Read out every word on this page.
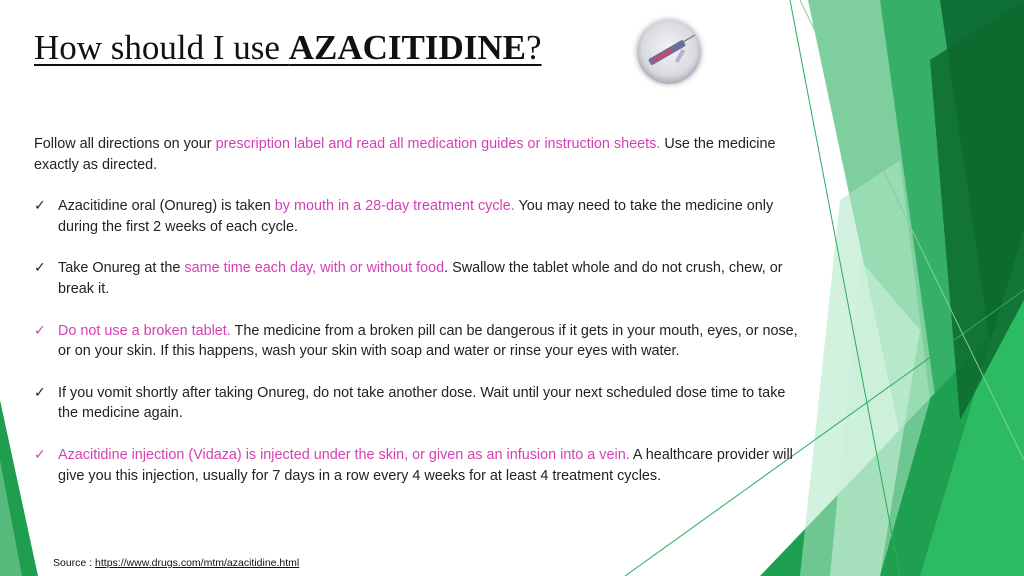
How should I use AZACITIDINE?

Follow all directions on your prescription label and read all medication guides or instruction sheets. Use the medicine exactly as directed.

✓ Azacitidine oral (Onureg) is taken by mouth in a 28-day treatment cycle. You may need to take the medicine only during the first 2 weeks of each cycle.
✓ Take Onureg at the same time each day, with or without food. Swallow the tablet whole and do not crush, chew, or break it.
✓ Do not use a broken tablet. The medicine from a broken pill can be dangerous if it gets in your mouth, eyes, or nose, or on your skin. If this happens, wash your skin with soap and water or rinse your eyes with water.
✓ If you vomit shortly after taking Onureg, do not take another dose. Wait until your next scheduled dose time to take the medicine again.
✓ Azacitidine injection (Vidaza) is injected under the skin, or given as an infusion into a vein. A healthcare provider will give you this injection, usually for 7 days in a row every 4 weeks for at least 4 treatment cycles.
Source : https://www.drugs.com/mtm/azacitidine.html
